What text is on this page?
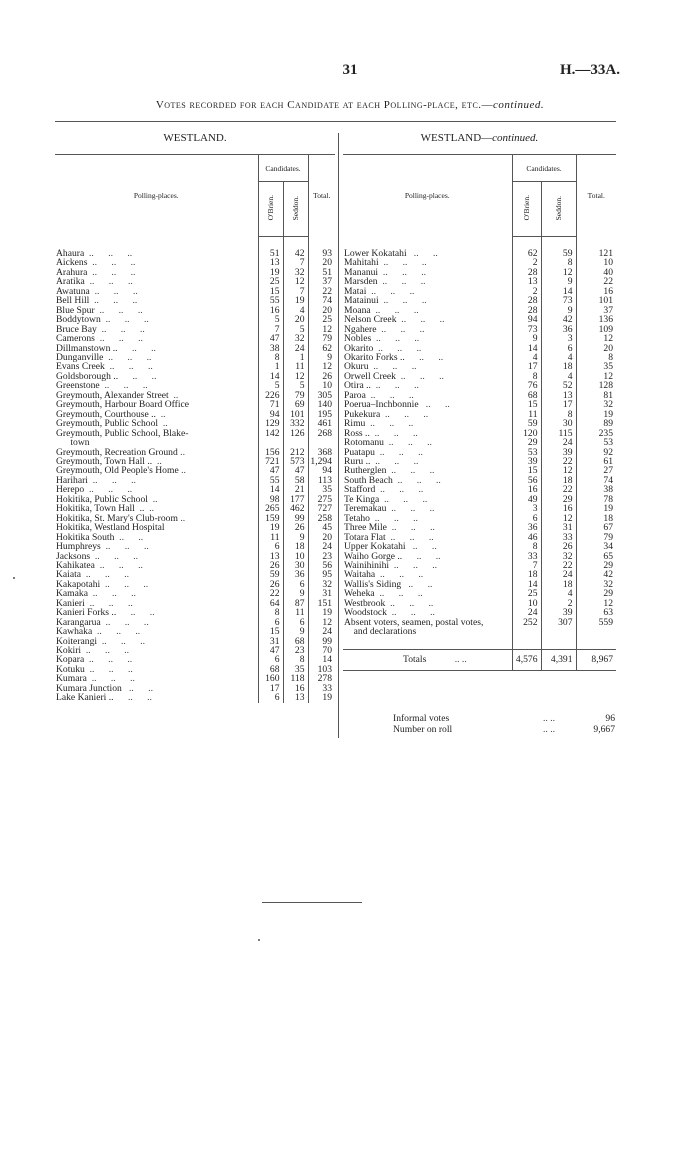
31	H.—33A.
Votes recorded for each Candidate at each Polling-place, etc.—continued.
WESTLAND.
Polling-places.	Candidates.		Total.
	O'Brien.	Seddon.	

Ahaura  ..      ..      ..	51	42	93
Aickens  ..      ..      ..	13	7	20
Arahura  ..      ..      ..	19	32	51
Aratika  ..      ..      ..	25	12	37
Awatuna  ..      ..      ..	15	7	22
Bell Hill  ..      ..      ..	55	19	74
Blue Spur  ..      ..      ..	16	4	20
Boddytown  ..      ..      ..	5	20	25
Bruce Bay  ..      ..      ..	7	5	12
Camerons  ..      ..      ..	47	32	79
Dillmanstown ..      ..      ..	38	24	62
Dunganville  ..      ..      ..	8	1	9
Evans Creek  ..      ..      ..	1	11	12
Goldsborough ..      ..      ..	14	12	26
Greenstone  ..      ..      ..	5	5	10
Greymouth, Alexander Street  ..	226	79	305
Greymouth, Harbour Board Office	71	69	140
Greymouth, Courthouse ..  ..	94	101	195
Greymouth, Public School  ..	129	332	461
Greymouth, Public School, Blake-	142	126	268
town			
Greymouth, Recreation Ground ..	156	212	368
Greymouth, Town Hall ..  ..	721	573	1,294
Greymouth, Old People's Home ..	47	47	94
Harihari  ..      ..      ..	55	58	113
Herepo  ..      ..      ..	14	21	35
Hokitika, Public School  ..	98	177	275
Hokitika, Town Hall  ..  ..	265	462	727
Hokitika, St. Mary's Club-room ..	159	99	258
Hokitika, Westland Hospital	19	26	45
Hokitika South  ..      ..	11	9	20
Humphreys  ..      ..      ..	6	18	24
Jacksons  ..      ..      ..	13	10	23
Kahikatea  ..      ..      ..	26	30	56
Kaiata  ..      ..      ..	59	36	95
Kakapotahi  ..      ..      ..	26	6	32
Kamaka  ..      ..      ..	22	9	31
Kanieri  ..      ..      ..	64	87	151
Kanieri Forks ..      ..      ..	8	11	19
Karangarua  ..      ..      ..	6	6	12
Kawhaka  ..      ..      ..	15	9	24
Koiterangi  ..      ..      ..	31	68	99
Kokiri  ..      ..      ..	47	23	70
Kopara  ..      ..      ..	6	8	14
Kotuku  ..      ..      ..	68	35	103
Kumara  ..      ..      ..	160	118	278
Kumara Junction   ..      ..	17	16	33
Lake Kanieri ..      ..      ..	6	13	19
WESTLAND—continued.
Polling-places.	Candidates.		Total.
	O'Brien.	Seddon.	

Lower Kokatahi   ..      ..	62	59	121
Mahitahi  ..      ..      ..	2	8	10
Mananui  ..      ..      ..	28	12	40
Marsden  ..      ..      ..	13	9	22
Matai  ..      ..      ..	2	14	16
Matainui  ..      ..      ..	28	73	101
Moana  ..      ..      ..	28	9	37
Nelson Creek  ..      ..      ..	94	42	136
Ngahere  ..      ..      ..	73	36	109
Nobles  ..      ..      ..	9	3	12
Okarito  ..      ..      ..	14	6	20
Okarito Forks ..      ..      ..	4	4	8
Okuru  ..      ..      ..	17	18	35
Orwell Creek  ..      ..      ..	8	4	12
Otira ..  ..      ..      ..	76	52	128
Paroa  ..      ..      ..	68	13	81
Poerua–Inchbonnie   ..      ..	15	17	32
Pukekura  ..      ..      ..	11	8	19
Rimu  ..      ..      ..	59	30	89
Ross ..  ..      ..      ..	120	115	235
Rotomanu  ..      ..      ..	29	24	53
Puatapu  ..      ..      ..	53	39	92
Ruru ..  ..      ..      ..	39	22	61
Rutherglen  ..      ..      ..	15	12	27
South Beach  ..      ..      ..	56	18	74
Stafford  ..      ..      ..	16	22	38
Te Kinga  ..      ..      ..	49	29	78
Teremakau  ..      ..      ..	3	16	19
Tetaho  ..      ..      ..	6	12	18
Three Mile  ..      ..      ..	36	31	67
Totara Flat  ..      ..      ..	46	33	79
Upper Kokatahi   ..      ..	8	26	34
Waiho Gorge ..      ..      ..	33	32	65
Wainihinihi  ..      ..      ..	7	22	29
Waitaha  ..      ..      ..	18	24	42
Wallis's Siding   ..      ..	14	18	32
Weheka  ..      ..      ..	25	4	29
Westbrook  ..      ..      ..	10	2	12
Woodstock  ..      ..      ..	24	39	63
Absent voters, seamen, postal votes,	252	307	559
and declarations			

Totals .. ..	4,576	4,391	8,967
Informal votes	.. ..	96
Number on roll	.. ..	9,667
